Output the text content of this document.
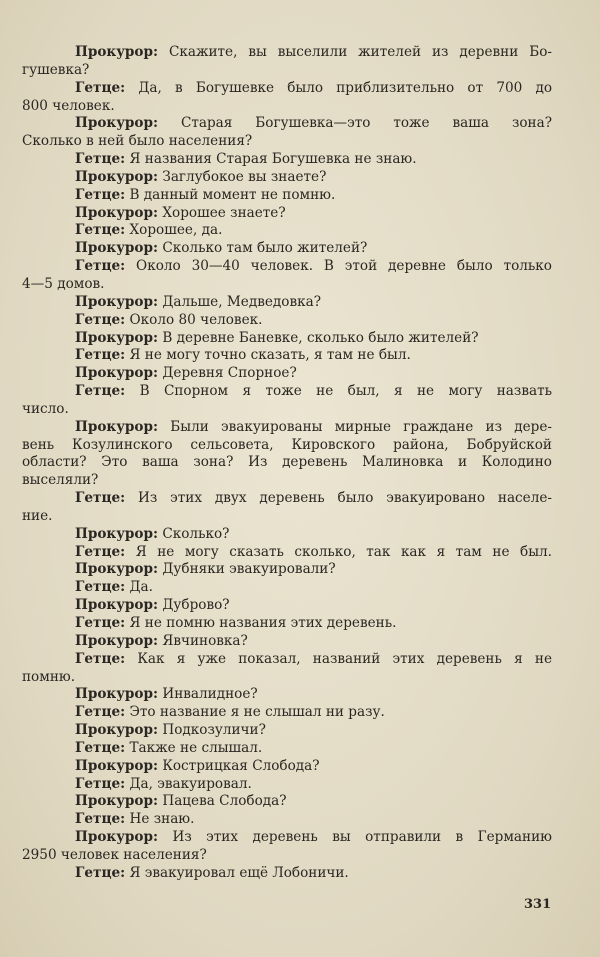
Прокурор: Скажите, вы выселили жителей из деревни Бо-

гушевка?

Гетце: Да, в Богушевке было приблизительно от 700 до

800 человек.

Прокурор: Старая Богушевка—это тоже ваша зона?

Сколько в ней было населения?

Гетце: Я названия Старая Богушевка не знаю.

Прокурор: Заглубокое вы знаете?

Гетце: В данный момент не помню.

Прокурор: Хорошее знаете?

Гетце: Хорошее, да.

Прокурор: Сколько там было жителей?

Гетце: Около 30—40 человек. В этой деревне было только

4—5 домов.

Прокурор: Дальше, Медведовка?

Гетце: Около 80 человек.

Прокурор: В деревне Баневке, сколько было жителей?

Гетце: Я не могу точно сказать, я там не был.

Прокурор: Деревня Спорное?

Гетце: В Спорном я тоже не был, я не могу назвать

число.

Прокурор: Были эвакуированы мирные граждане из дере-

вень Козулинского сельсовета, Кировского района, Бобруйской

области? Это ваша зона? Из деревень Малиновка и Колодино

выселяли?

Гетце: Из этих двух деревень было эвакуировано населе-

ние.

Прокурор: Сколько?

Гетце: Я не могу сказать сколько, так как я там не был.

Прокурор: Дубняки эвакуировали?

Гетце: Да.

Прокурор: Дуброво?

Гетце: Я не помню названия этих деревень.

Прокурор: Явчиновка?

Гетце: Как я уже показал, названий этих деревень я не

помню.

Прокурор: Инвалидное?

Гетце: Это название я не слышал ни разу.

Прокурор: Подкозуличи?

Гетце: Также не слышал.

Прокурор: Кострицкая Слобода?

Гетце: Да, эвакуировал.

Прокурор: Пацева Слобода?

Гетце: Не знаю.

Прокурор: Из этих деревень вы отправили в Германию

2950 человек населения?

Гетце: Я эвакуировал ещё Лобоничи.

331
